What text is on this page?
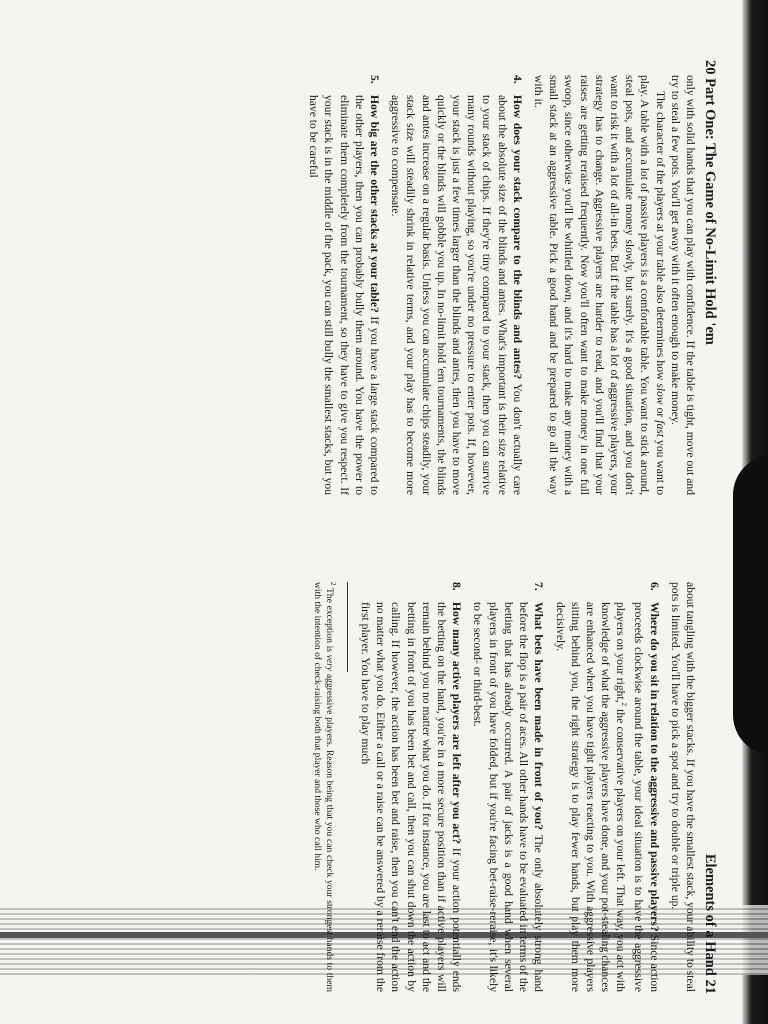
20 Part One: The Game of No-Limit Hold 'em

only with solid hands that you can play with confidence. If the table is tight, move out and try to steal a few pots. You'll get away with it often enough to make money.

The character of the players at your table also determines how slow or fast you want to play. A table with a lot of passive players is a comfortable table. You want to stick around, steal pots, and accumulate money slowly, but surely. It's a good situation, and you don't want to risk it with a lot of all-in bets. But if the table has a lot of aggressive players, your strategy has to change. Aggressive players are harder to read, and you'll find that your raises are getting reraised frequently. Now you'll often want to make money in one full swoop, since otherwise you'll be whittled down, and it's hard to make any money with a small stack at an aggressive table. Pick a good hand and be prepared to go all the way with it.

4.
How does your stack compare to the blinds and antes? You don't actually care about the absolute size of the blinds and antes. What's important is their size relative to your stack of chips. If they're tiny compared to your stack, then you can survive many rounds without playing, so you're under no pressure to enter pots. If, however, your stack is just a few times larger than the blinds and antes, then you have to move quickly or the blinds will gobble you up. In no-limit hold 'em tournaments, the blinds and antes increase on a regular basis. Unless you can accumulate chips steadily, your stack size will steadily shrink in relative terms, and your play has to become more aggressive to compensate.
5.
How big are the other stacks at your table? If you have a large stack compared to the other players, then you can probably bully them around. You have the power to eliminate them completely from the tournament, so they have to give you respect. If your stack is in the middle of the pack, you can still bully the smallest stacks, but you have to be careful
Elements of a Hand 21

about tangling with the bigger stacks. If you have the smallest stack, your ability to steal pots is limited. You'll have to pick a spot and try to double or triple up.

6.
Where do you sit in relation to the aggressive and passive players? Since action proceeds clockwise around the table, your ideal situation is to have the aggressive players on your right,$^2$ the conservative players on your left. That way, you act with knowledge of what the aggressive players have done, and your pot-stealing chances are enhanced when you have tight players reacting to you. With aggressive players sitting behind you, the right strategy is to play fewer hands, but play them more decisively.
7.
What bets have been made in front of you? The only absolutely strong hand before the flop is a pair of aces. All other hands have to be evaluated in terms of the betting that has already occurred. A pair of jacks is a good hand when several players in front of you have folded, but if you're facing bet-raise-reraise, it's likely to be second- or third-best.
8.
How many active players are left after you act? If your action potentially ends the betting on the hand, you're in a more secure position than if active players will remain behind you no matter what you do. If for instance, you are last to act and the betting in front of you has been bet and call, then you can shut down the action by calling. If however, the action has been bet and raise, then you can't end the action no matter what you do. Either a call or a raise can be answered by a reraise from the first player. You have to play much

$^2$ The exception is very aggressive players. Reason being that you can check your strongest hands to them with the intention of check-raising both that player and those who call him.
